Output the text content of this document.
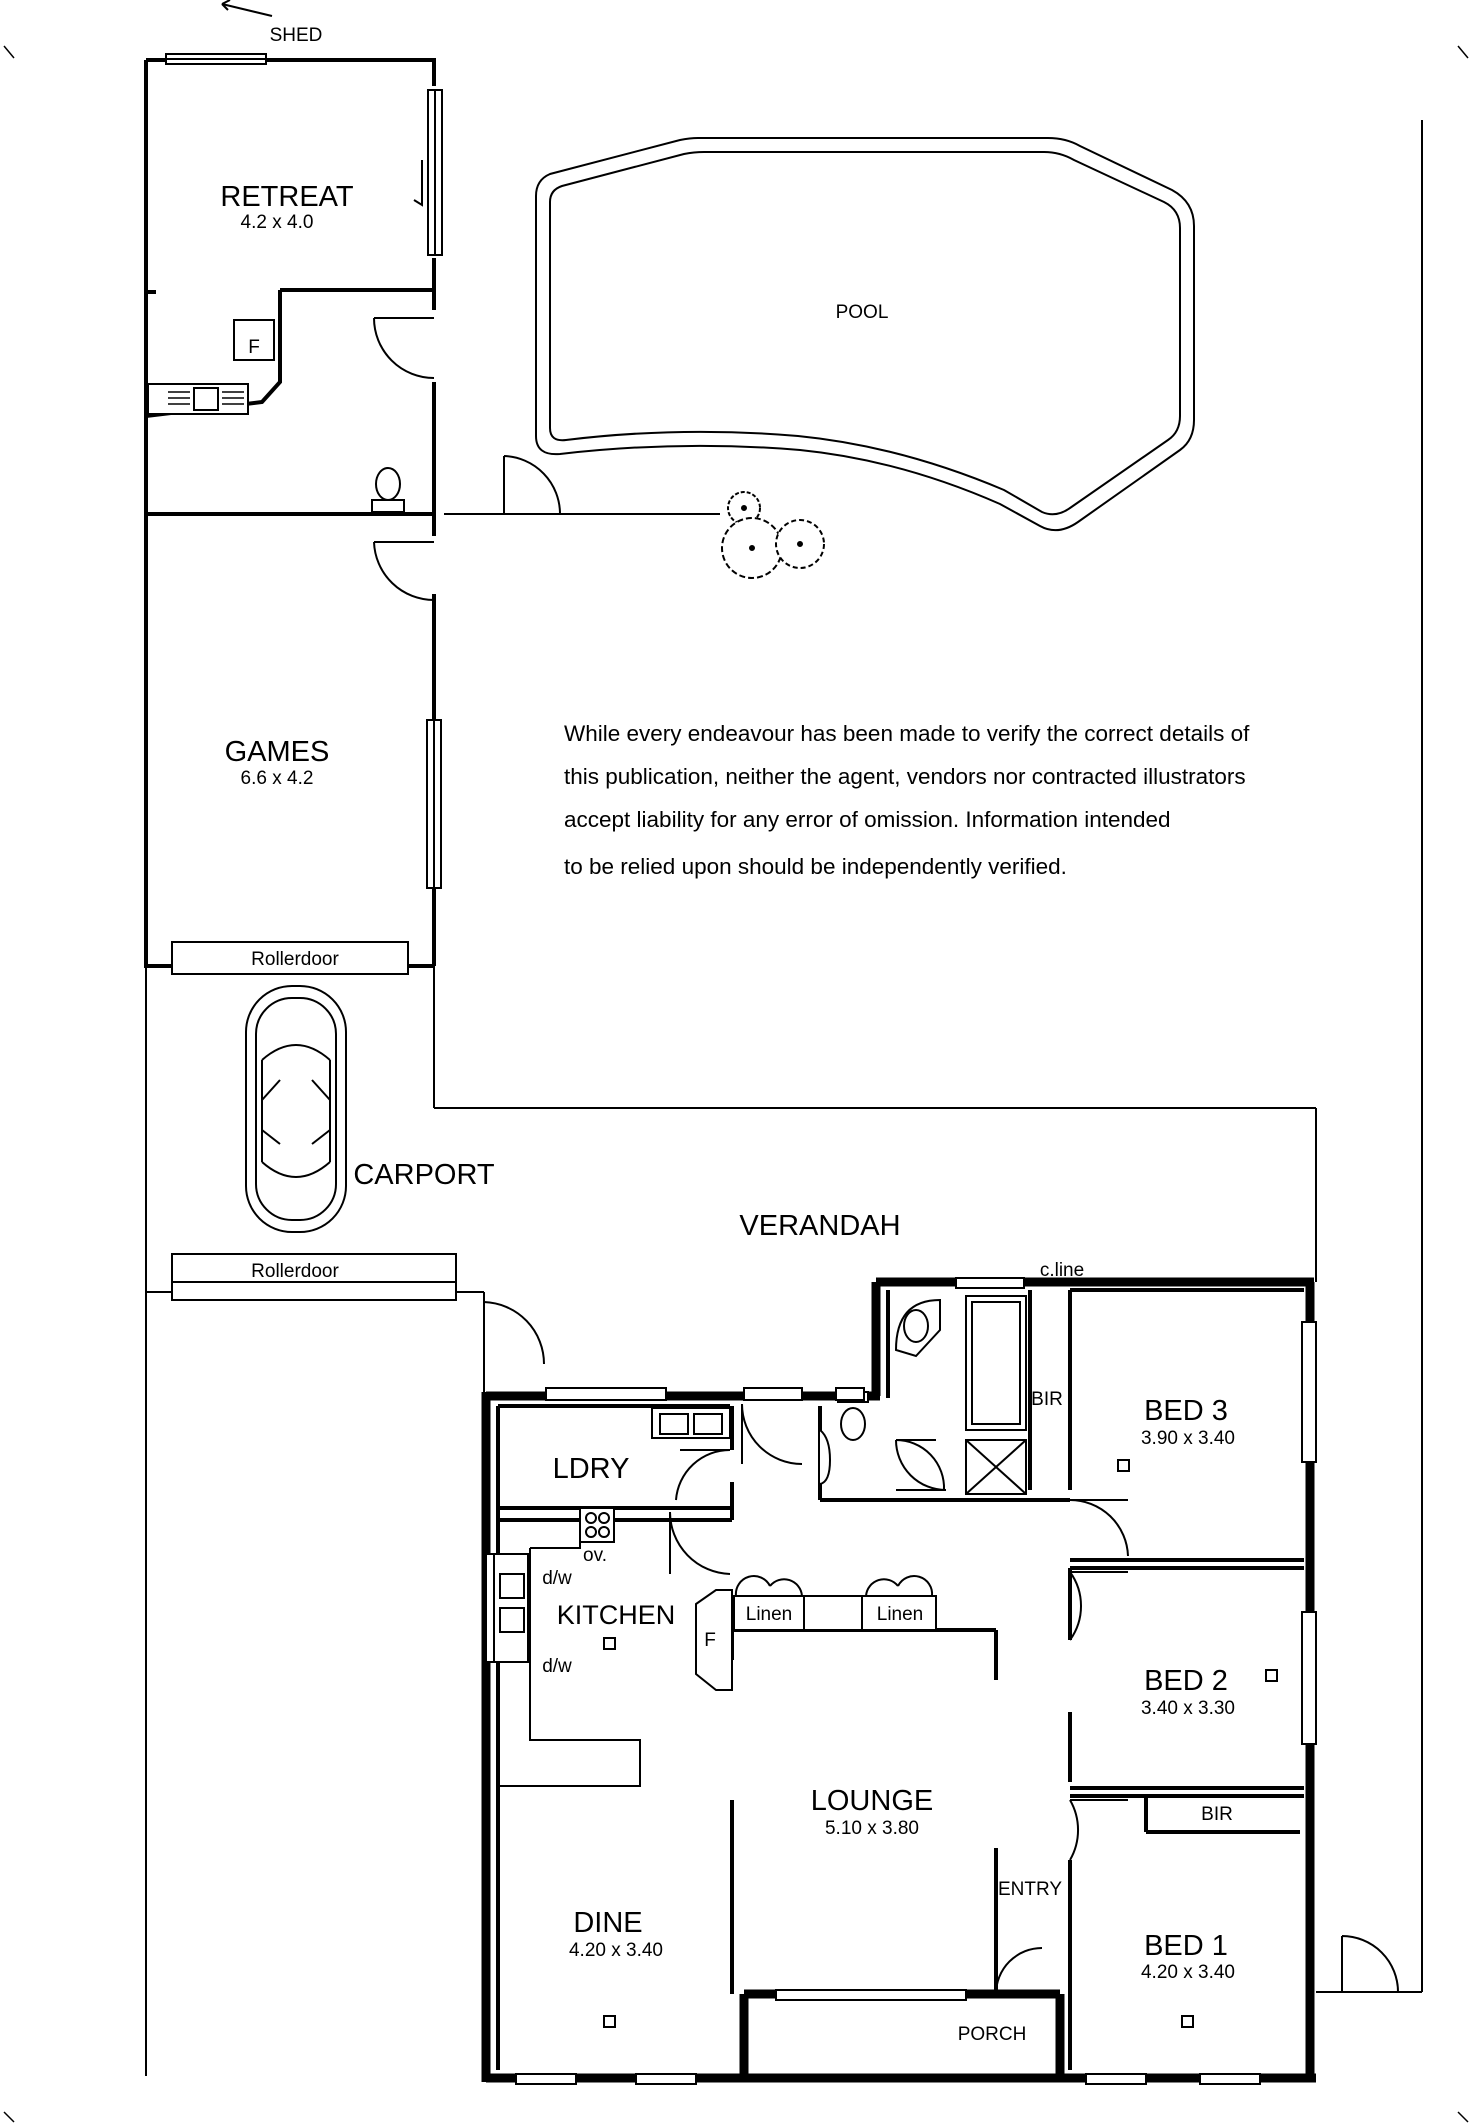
RETREAT
4.2 x 4.0
GAMES
6.6 x 4.2
LDRY
KITCHEN
DINE
4.20 x 3.40
LOUNGE
5.10 x 3.80
BED 1
4.20 x 3.40
BED 2
3.40 x 3.30
BED 3
3.90 x 3.40
SHED
POOL
CARPORT
VERANDAH
PORCH
ENTRY
Rollerdoor
Rollerdoor
F
F
ov.
d/w
d/w
Linen	Linen
BIR
BIR
c.line
While every endeavour has been made to verify the correct details of
this publication, neither the agent, vendors nor contracted illustrators
accept liability for any error of omission. Information intended
to be relied upon should be independently verified.
